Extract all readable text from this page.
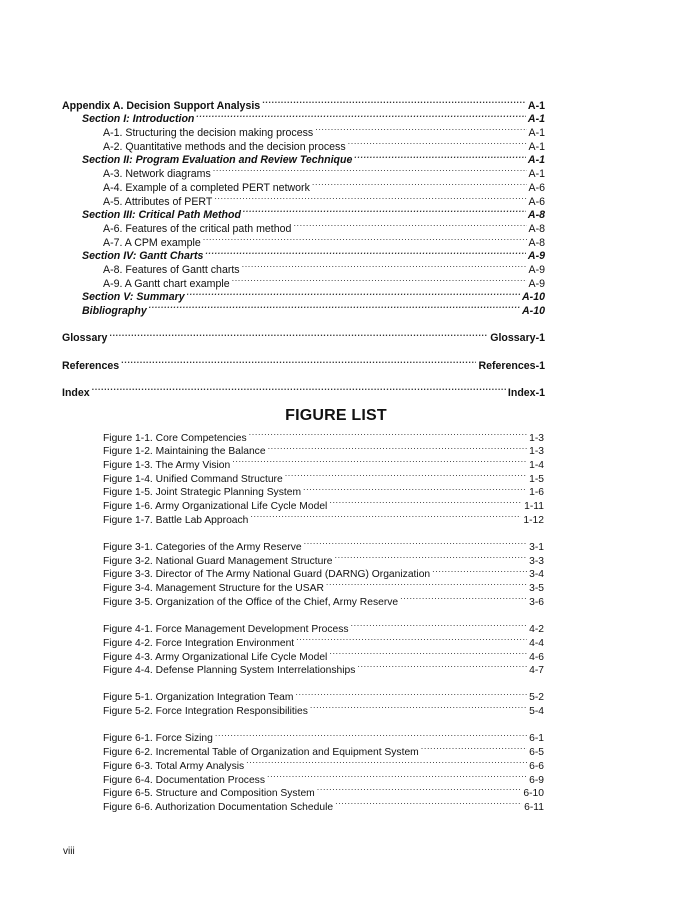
Appendix A. Decision Support Analysis .....	A-1
Section I: Introduction .....	A-1
A-1. Structuring the decision making process .....	A-1
A-2. Quantitative methods and the decision process .....	A-1
Section II: Program Evaluation and Review Technique .....	A-1
A-3. Network diagrams .....	A-1
A-4. Example of a completed PERT network .....	A-6
A-5. Attributes of PERT .....	A-6
Section III: Critical Path Method .....	A-8
A-6. Features of the critical path method .....	A-8
A-7. A CPM example .....	A-8
Section IV: Gantt Charts .....	A-9
A-8. Features of Gantt charts .....	A-9
A-9. A Gantt chart example .....	A-9
Section V: Summary .....	A-10
Bibliography .....	A-10
Glossary .....	Glossary-1
References .....	References-1
Index .....	Index-1
FIGURE LIST
Figure 1-1. Core Competencies .....	1-3
Figure 1-2. Maintaining the Balance .....	1-3
Figure 1-3. The Army Vision .....	1-4
Figure 1-4. Unified Command Structure .....	1-5
Figure 1-5. Joint Strategic Planning System .....	1-6
Figure 1-6. Army Organizational Life Cycle Model .....	1-11
Figure 1-7. Battle Lab Approach .....	1-12
Figure 3-1. Categories of the Army Reserve .....	3-1
Figure 3-2. National Guard Management Structure .....	3-3
Figure 3-3. Director of The Army National Guard (DARNG) Organization .....	3-4
Figure 3-4. Management Structure for the USAR .....	3-5
Figure 3-5. Organization of the Office of the Chief, Army Reserve .....	3-6
Figure 4-1. Force Management Development Process .....	4-2
Figure 4-2. Force Integration Environment .....	4-4
Figure 4-3. Army Organizational Life Cycle Model .....	4-6
Figure 4-4. Defense Planning System Interrelationships .....	4-7
Figure 5-1. Organization Integration Team .....	5-2
Figure 5-2. Force Integration Responsibilities .....	5-4
Figure 6-1. Force Sizing .....	6-1
Figure 6-2. Incremental Table of Organization and Equipment System .....	6-5
Figure 6-3. Total Army Analysis .....	6-6
Figure 6-4. Documentation Process .....	6-9
Figure 6-5. Structure and Composition System .....	6-10
Figure 6-6. Authorization Documentation Schedule .....	6-11
viii
